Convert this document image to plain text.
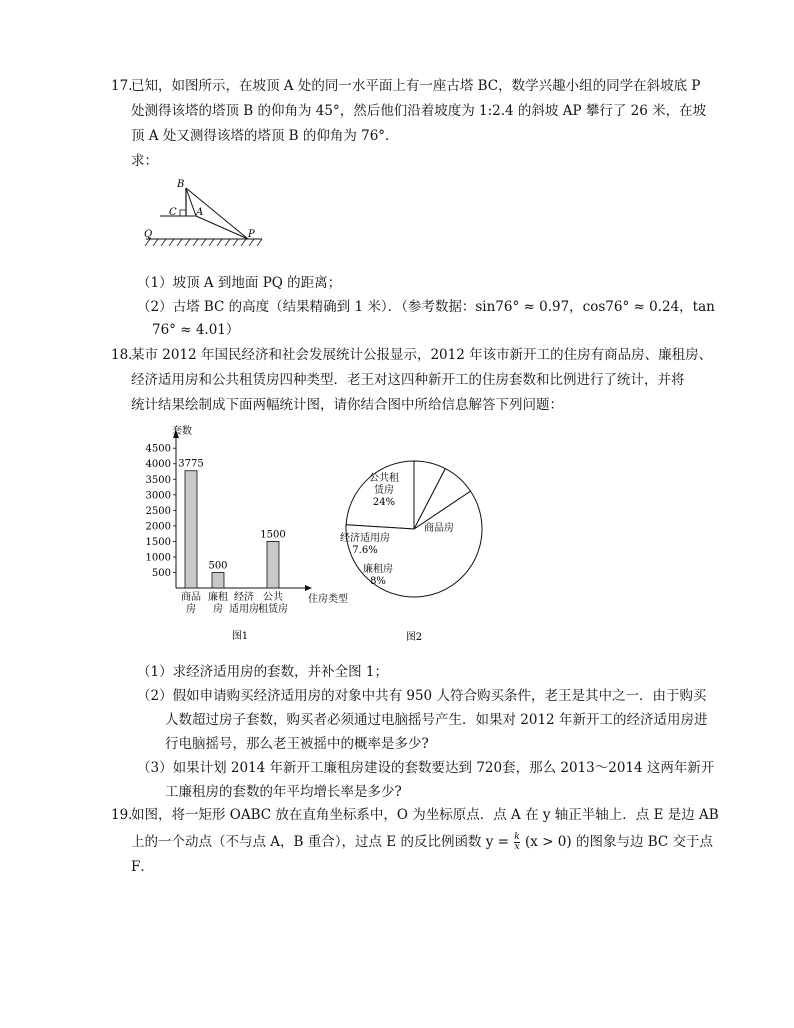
17.
已知，如图所示，在坡顶 A 处的同一水平面上有一座古塔 BC，数学兴趣小组的同学在斜坡底 P
处测得该塔的塔顶 B 的仰角为 45°，然后他们沿着坡度为 1:2.4 的斜坡 AP 攀行了 26 米，在坡
顶 A 处又测得该塔的塔顶 B 的仰角为 76°．
求：
B
C A
Q	P
（1）坡顶 A 到地面 PQ 的距离；
（2）古塔 BC 的高度（结果精确到 1 米）．（参考数据：sin76° ≈ 0.97，cos76° ≈ 0.24，tan
76° ≈ 4.01）
18.
某市 2012 年国民经济和社会发展统计公报显示，2012 年该市新开工的住房有商品房、廉租房、
经济适用房和公共租赁房四种类型．老王对这四种新开工的住房套数和比例进行了统计，并将
统计结果绘制成下面两幅统计图，请你结合图中所给信息解答下列问题：
套数
住房类型
500
1000
1500
2000
2500
3000
3500
4000
4500
3775
商品
房
500
廉租
房
经济
适用房
1500
公共
租赁房
图1
公共租
赁房
24%
商品房
廉租房
8%
经济适用房
7.6%
图2
（1）求经济适用房的套数，并补全图 1；
（2）假如申请购买经济适用房的对象中共有 950 人符合购买条件，老王是其中之一．由于购买
人数超过房子套数，购买者必须通过电脑摇号产生．如果对 2012 年新开工的经济适用房进
行电脑摇号，那么老王被摇中的概率是多少?
（3）如果计划 2014 年新开工廉租房建设的套数要达到 720套，那么 2013～2014 这两年新开
工廉租房的套数的年平均增长率是多少?
19.
如图，将一矩形 OABC 放在直角坐标系中，O 为坐标原点．点 A 在 y 轴正半轴上．点 E 是边 AB
上的一个动点（不与点 A，B 重合），过点 E 的反比例函数 $y = \frac{k}{x} (x > 0)$ 的图象与边 BC 交于点
F．
